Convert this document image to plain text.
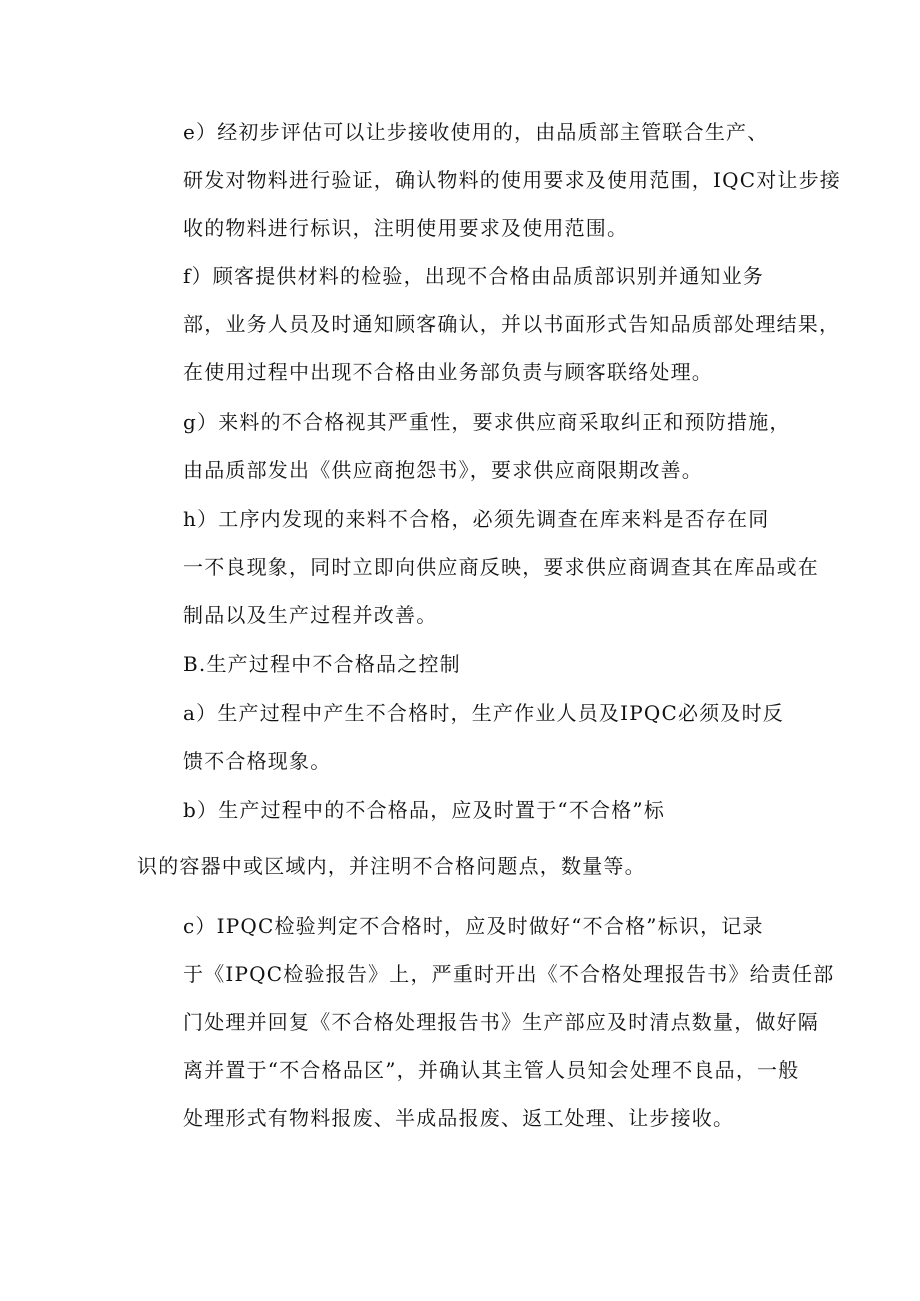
e）经初步评估可以让步接收使用的，由品质部主管联合生产、
研发对物料进行验证，确认物料的使用要求及使用范围，IQC对让步接
收的物料进行标识，注明使用要求及使用范围。

f）顾客提供材料的检验，出现不合格由品质部识别并通知业务
部，业务人员及时通知顾客确认，并以书面形式告知品质部处理结果，
在使用过程中出现不合格由业务部负责与顾客联络处理。

g）来料的不合格视其严重性，要求供应商采取纠正和预防措施，
由品质部发出《供应商抱怨书》，要求供应商限期改善。

h）工序内发现的来料不合格，必须先调查在库来料是否存在同
一不良现象，同时立即向供应商反映，要求供应商调查其在库品或在
制品以及生产过程并改善。

B.生产过程中不合格品之控制

a）生产过程中产生不合格时，生产作业人员及IPQC必须及时反
馈不合格现象。

b）生产过程中的不合格品，应及时置于“不合格”标

识的容器中或区域内，并注明不合格问题点，数量等。

c）IPQC检验判定不合格时，应及时做好“不合格”标识，记录
于《IPQC检验报告》上，严重时开出《不合格处理报告书》给责任部
门处理并回复《不合格处理报告书》生产部应及时清点数量，做好隔
离并置于“不合格品区”，并确认其主管人员知会处理不良品，一般
处理形式有物料报废、半成品报废、返工处理、让步接收。
